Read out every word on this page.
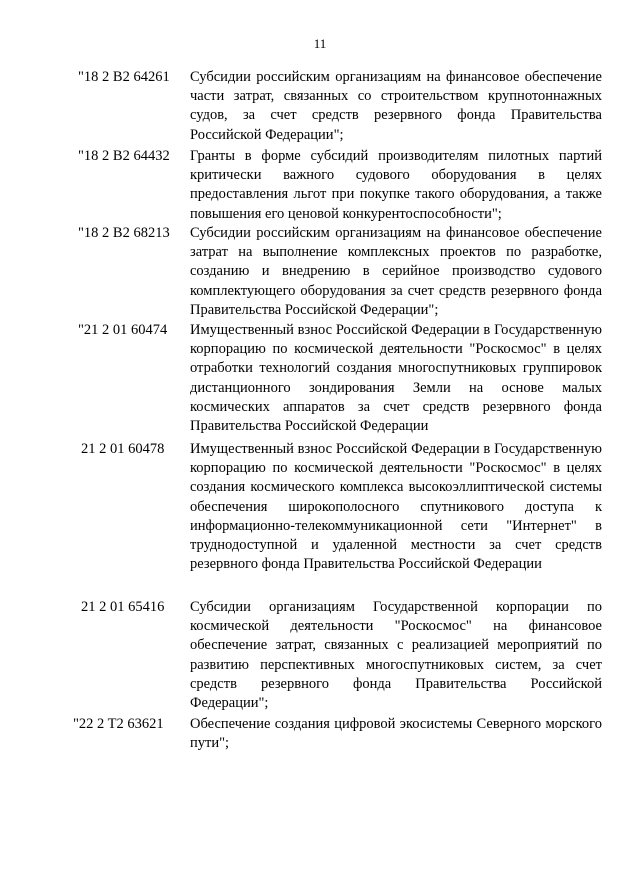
11
"18 2 B2 64261 Субсидии российским организациям на финансовое обеспечение части затрат, связанных со строительством крупнотоннажных судов, за счет средств резервного фонда Правительства Российской Федерации";
"18 2 B2 64432 Гранты в форме субсидий производителям пилотных партий критически важного судового оборудования в целях предоставления льгот при покупке такого оборудования, а также повышения его ценовой конкурентоспособности";
"18 2 B2 68213 Субсидии российским организациям на финансовое обеспечение затрат на выполнение комплексных проектов по разработке, созданию и внедрению в серийное производство судового комплектующего оборудования за счет средств резервного фонда Правительства Российской Федерации";
"21 2 01 60474 Имущественный взнос Российской Федерации в Государственную корпорацию по космической деятельности "Роскосмос" в целях отработки технологий создания многоспутниковых группировок дистанционного зондирования Земли на основе малых космических аппаратов за счет средств резервного фонда Правительства Российской Федерации
21 2 01 60478 Имущественный взнос Российской Федерации в Государственную корпорацию по космической деятельности "Роскосмос" в целях создания космического комплекса высокоэллиптической системы обеспечения широкополосного спутникового доступа к информационно-телекоммуникационной сети "Интернет" в труднодоступной и удаленной местности за счет средств резервного фонда Правительства Российской Федерации
21 2 01 65416 Субсидии организациям Государственной корпорации по космической деятельности "Роскосмос" на финансовое обеспечение затрат, связанных с реализацией мероприятий по развитию перспективных многоспутниковых систем, за счет средств резервного фонда Правительства Российской Федерации";
"22 2 T2 63621 Обеспечение создания цифровой экосистемы Северного морского пути";
